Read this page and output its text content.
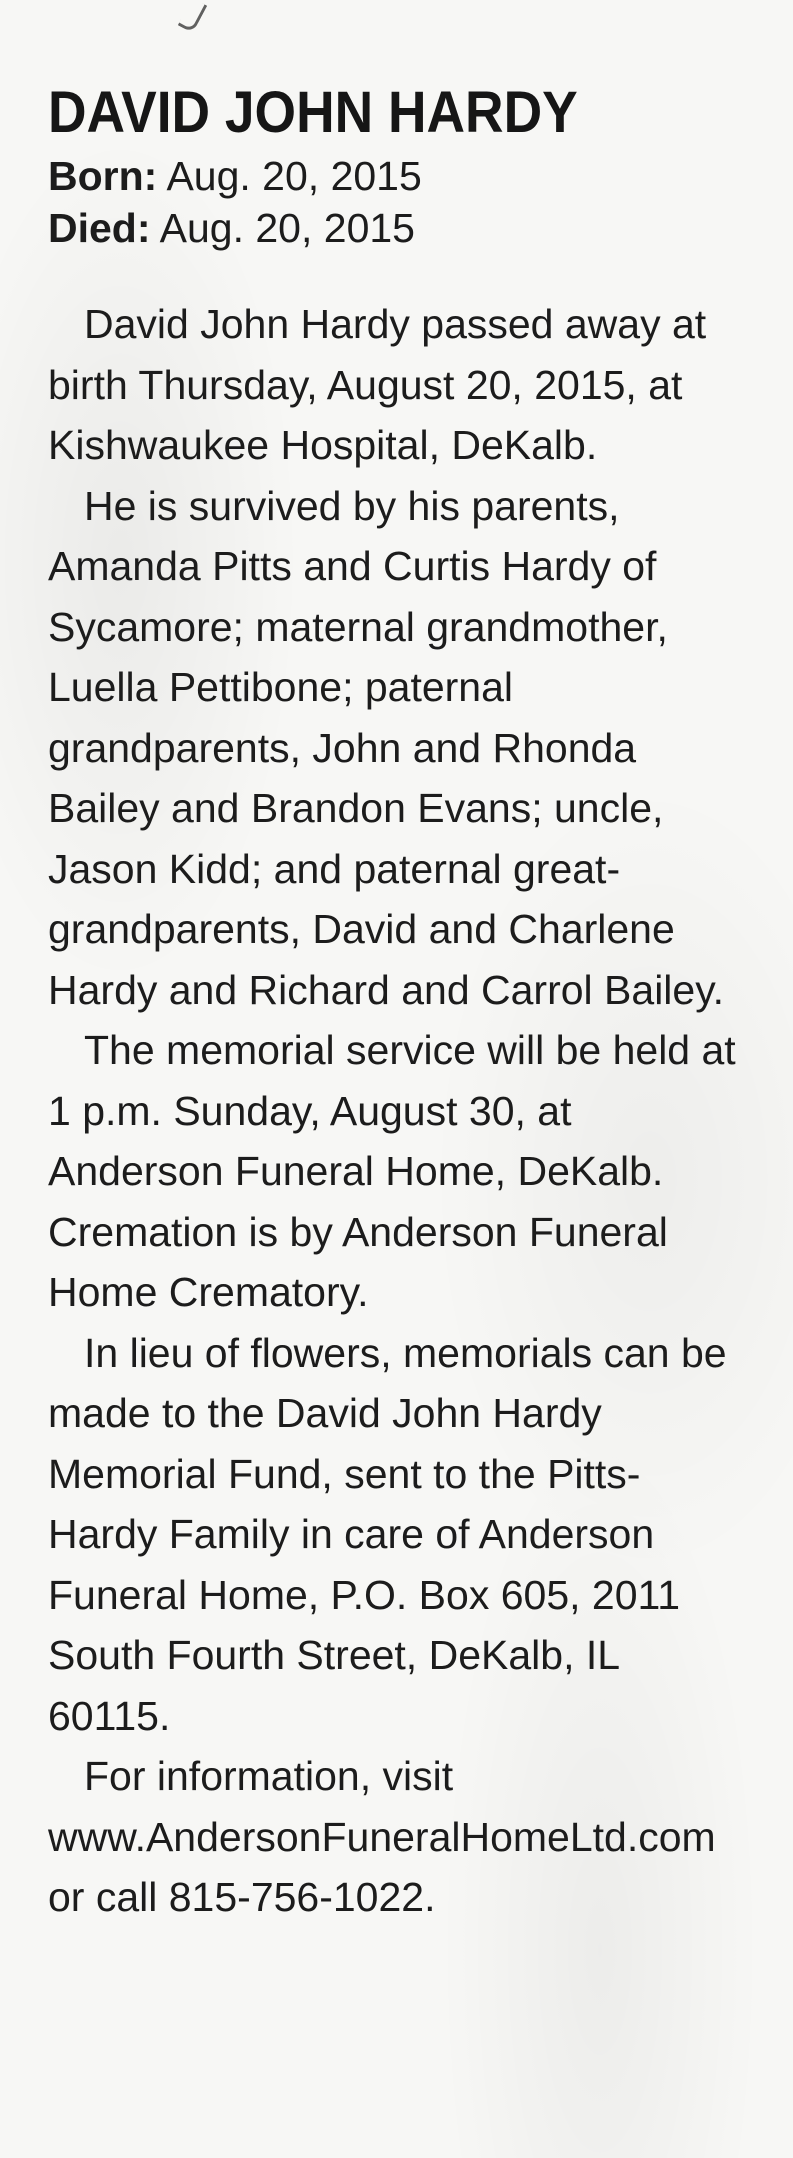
DAVID JOHN HARDY
Born: Aug. 20, 2015
Died: Aug. 20, 2015

David John Hardy passed away at birth Thursday, August 20, 2015, at Kishwaukee Hospital, DeKalb.

He is survived by his parents, Amanda Pitts and Curtis Hardy of Sycamore; maternal grandmother, Luella Pettibone; paternal grandparents, John and Rhonda Bailey and Brandon Evans; uncle, Jason Kidd; and paternal great-grandparents, David and Charlene Hardy and Richard and Carrol Bailey.

The memorial service will be held at 1 p.m. Sunday, August 30, at Anderson Funeral Home, DeKalb. Cremation is by Anderson Funeral Home Crematory.

In lieu of flowers, memorials can be made to the David John Hardy Memorial Fund, sent to the Pitts-Hardy Family in care of Anderson Funeral Home, P.O. Box 605, 2011 South Fourth Street, DeKalb, IL 60115.

For information, visit www.AndersonFuneralHomeLtd.com or call 815-756-1022.
